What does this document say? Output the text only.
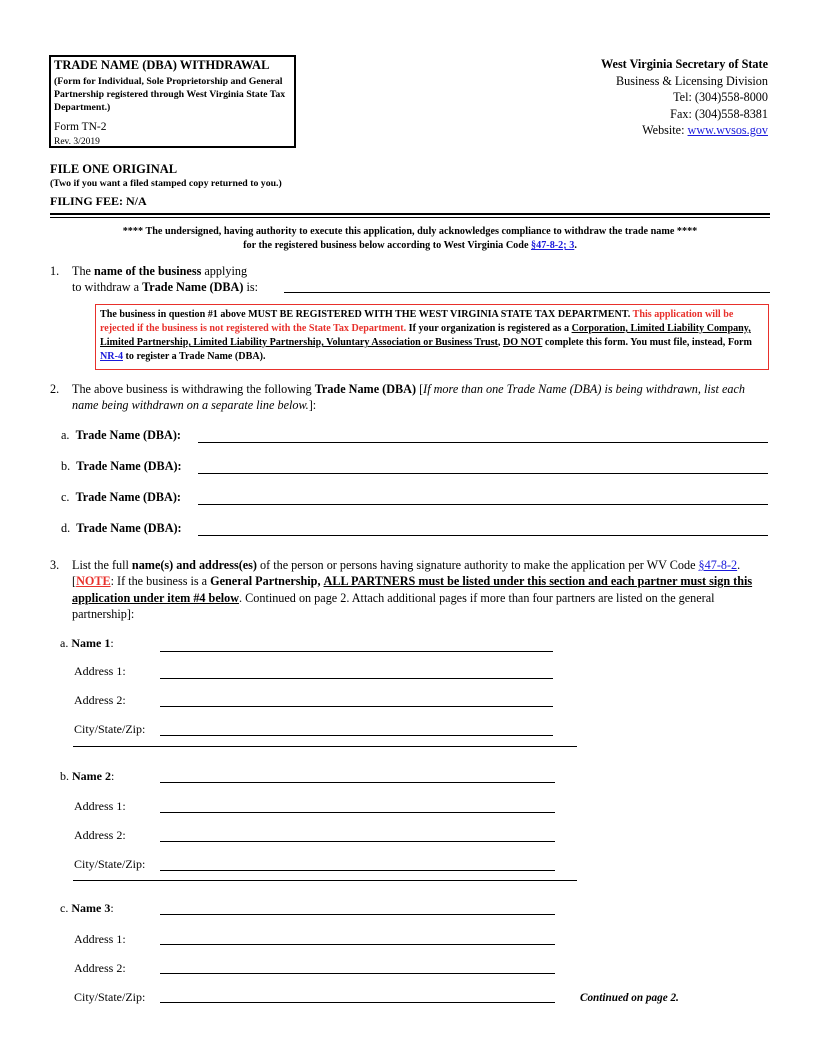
TRADE NAME (DBA) WITHDRAWAL
(Form for Individual, Sole Proprietorship and General Partnership registered through West Virginia State Tax Department.)
Form TN-2
Rev. 3/2019
West Virginia Secretary of State
Business & Licensing Division
Tel: (304)558-8000
Fax: (304)558-8381
Website: www.wvsos.gov
FILE ONE ORIGINAL
(Two if you want a filed stamped copy returned to you.)
FILING FEE: N/A
**** The undersigned, having authority to execute this application, duly acknowledges compliance to withdraw the trade name ****
for the registered business below according to West Virginia Code §47-8-2; 3.
1. The name of the business applying
to withdraw a Trade Name (DBA) is:
The business in question #1 above MUST BE REGISTERED WITH THE WEST VIRGINIA STATE TAX DEPARTMENT. This application will be rejected if the business is not registered with the State Tax Department. If your organization is registered as a Corporation, Limited Liability Company, Limited Partnership, Limited Liability Partnership, Voluntary Association or Business Trust, DO NOT complete this form. You must file, instead, Form NR-4 to register a Trade Name (DBA).
2. The above business is withdrawing the following Trade Name (DBA) [If more than one Trade Name (DBA) is being withdrawn, list each name being withdrawn on a separate line below.]:
a. Trade Name (DBA):
b. Trade Name (DBA):
c. Trade Name (DBA):
d. Trade Name (DBA):
3. List the full name(s) and address(es) of the person or persons having signature authority to make the application per WV Code §47-8-2. [NOTE: If the business is a General Partnership, ALL PARTNERS must be listed under this section and each partner must sign this application under item #4 below. Continued on page 2. Attach additional pages if more than four partners are listed on the general partnership]:
a. Name 1:
Address 1:
Address 2:
City/State/Zip:
b. Name 2:
Address 1:
Address 2:
City/State/Zip:
c. Name 3:
Address 1:
Address 2:
City/State/Zip:	Continued on page 2.
